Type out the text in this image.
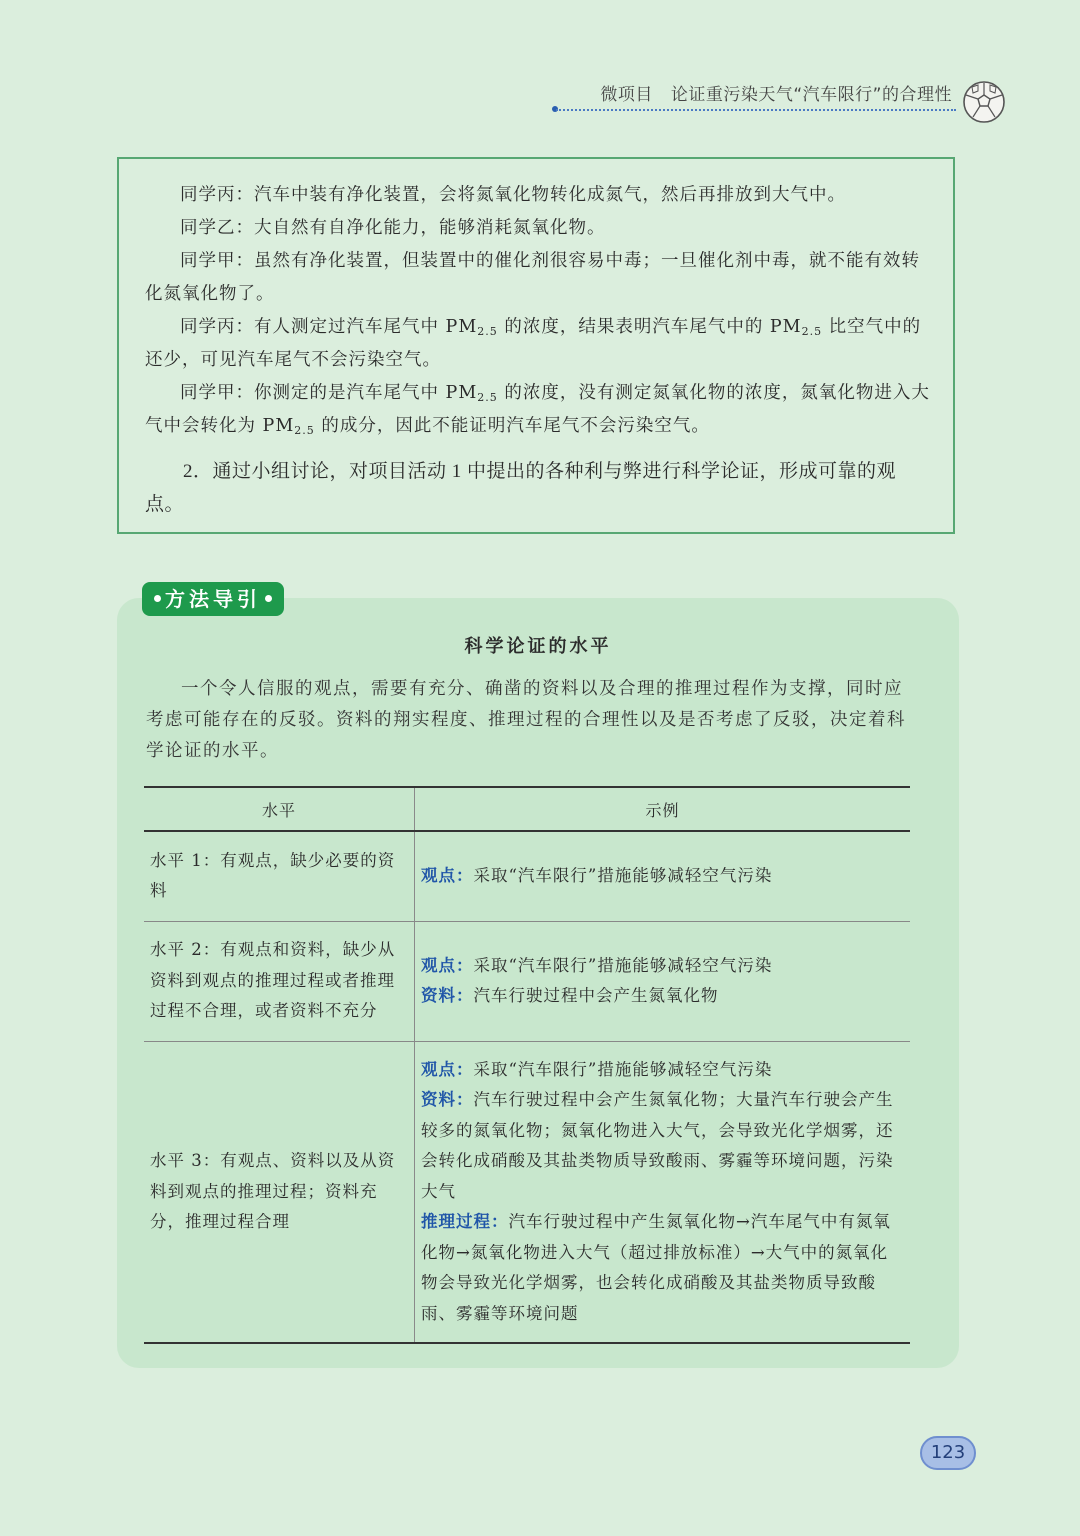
微项目 论证重污染天气“汽车限行”的合理性

同学丙：汽车中装有净化装置，会将氮氧化物转化成氮气，然后再排放到大气中。

同学乙：大自然有自净化能力，能够消耗氮氧化物。

同学甲：虽然有净化装置，但装置中的催化剂很容易中毒；一旦催化剂中毒，就不能有效转化氮氧化物了。

同学丙：有人测定过汽车尾气中 $PM_{2.5}$ 的浓度，结果表明汽车尾气中的 $PM_{2.5}$ 比空气中的还少，可见汽车尾气不会污染空气。

同学甲：你测定的是汽车尾气中 $PM_{2.5}$ 的浓度，没有测定氮氧化物的浓度，氮氧化物进入大气中会转化为 $PM_{2.5}$ 的成分，因此不能证明汽车尾气不会污染空气。

2．通过小组讨论，对项目活动 1 中提出的各种利与弊进行科学论证，形成可靠的观点。

方法导引
科学论证的水平

一个令人信服的观点，需要有充分、确凿的资料以及合理的推理过程作为支撑，同时应考虑可能存在的反驳。资料的翔实程度、推理过程的合理性以及是否考虑了反驳，决定着科学论证的水平。

水平	示例
水平 1：有观点，缺少必要的资料	观点：采取“汽车限行”措施能够减轻空气污染
水平 2：有观点和资料，缺少从资料到观点的推理过程或者推理过程不合理，或者资料不充分	观点：采取“汽车限行”措施能够减轻空气污染
资料：汽车行驶过程中会产生氮氧化物
水平 3：有观点、资料以及从资料到观点的推理过程；资料充分，推理过程合理	观点：采取“汽车限行”措施能够减轻空气污染
资料：汽车行驶过程中会产生氮氧化物；大量汽车行驶会产生较多的氮氧化物；氮氧化物进入大气，会导致光化学烟雾，还会转化成硝酸及其盐类物质导致酸雨、雾霾等环境问题，污染大气
推理过程：汽车行驶过程中产生氮氧化物→汽车尾气中有氮氧化物→氮氧化物进入大气（超过排放标准）→大气中的氮氧化物会导致光化学烟雾，也会转化成硝酸及其盐类物质导致酸雨、雾霾等环境问题
123
